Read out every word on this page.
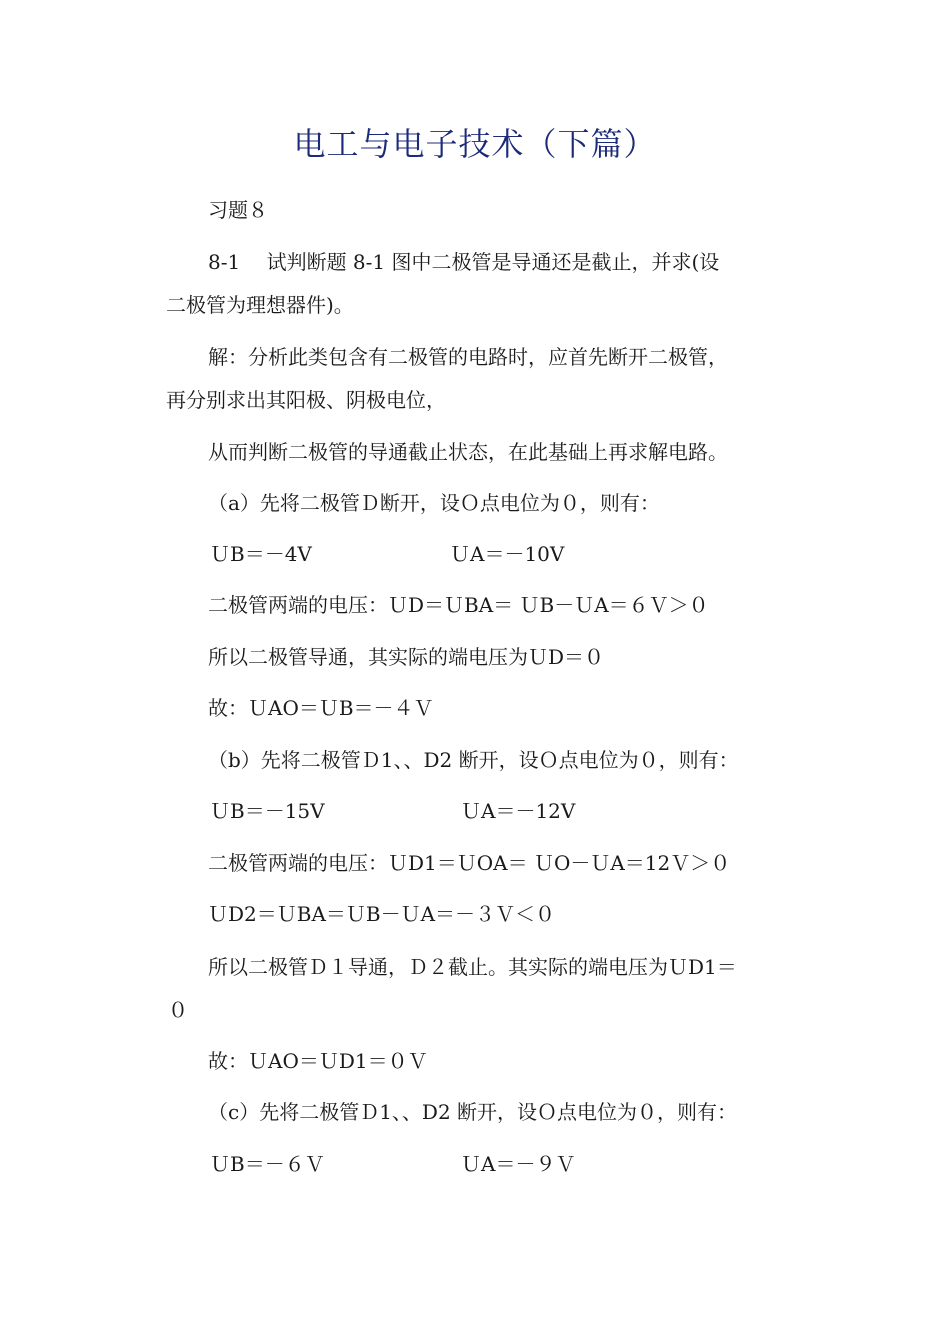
电工与电子技术（下篇）
习题８
8-1　 试判断题 8-1 图中二极管是导通还是截止，并求(设
二极管为理想器件)。
解：分析此类包含有二极管的电路时，应首先断开二极管，
再分别求出其阳极、阴极电位，
从而判断二极管的导通截止状态，在此基础上再求解电路。
（a）先将二极管Ｄ断开，设Ｏ点电位为０，则有：
ＵB＝－4V	ＵA＝－10V
二极管两端的电压：ＵD＝ＵBA＝ ＵB－ＵA＝６Ｖ＞０
所以二极管导通，其实际的端电压为ＵD＝０
故：ＵAO＝ＵB＝－４Ｖ
（b）先将二极管Ｄ1、、D2 断开，设Ｏ点电位为０，则有：
ＵB＝－15V	ＵA＝－12V
二极管两端的电压：ＵD1＝ＵOA＝ ＵO－ＵA＝12Ｖ＞０
ＵD2＝ＵBA＝ＵB－ＵA＝－３Ｖ＜０
所以二极管Ｄ１导通，Ｄ２截止。其实际的端电压为ＵD1＝
０
故：ＵAO＝ＵD1＝０Ｖ
（c）先将二极管Ｄ1、、D2 断开，设Ｏ点电位为０，则有：
ＵB＝－６Ｖ	ＵA＝－９Ｖ
